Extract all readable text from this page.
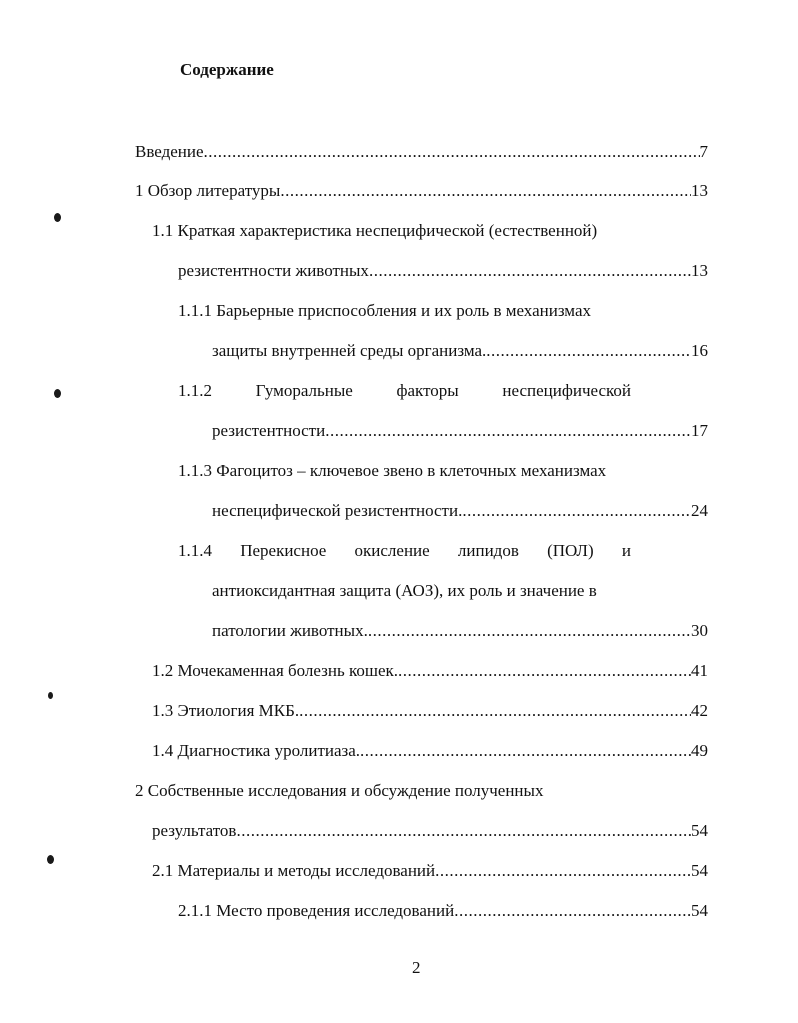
Содержание
Введение .....	7
1 Обзор литературы .....	13
1.1 Краткая характеристика неспецифической (естественной)
резистентности животных .....	13
1.1.1 Барьерные приспособления и их роль в механизмах
защиты внутренней среды организма. .....	16
1.1.2	Гуморальные	факторы	неспецифической
резистентности .....	17
1.1.3 Фагоцитоз – ключевое звено в клеточных механизмах
неспецифической резистентности. .....	24
1.1.4 Перекисное окисление липидов (ПОЛ) и
антиоксидантная защита (АОЗ), их роль и значение в
патологии животных. .....	30
1.2 Мочекаменная болезнь кошек. .....	41
1.3 Этиология МКБ. .....	42
1.4 Диагностика уролитиаза. .....	49
2 Собственные исследования и обсуждение полученных
результатов .....	54
2.1 Материалы и методы исследований .....	54
2.1.1 Место проведения исследований .....	54
2
